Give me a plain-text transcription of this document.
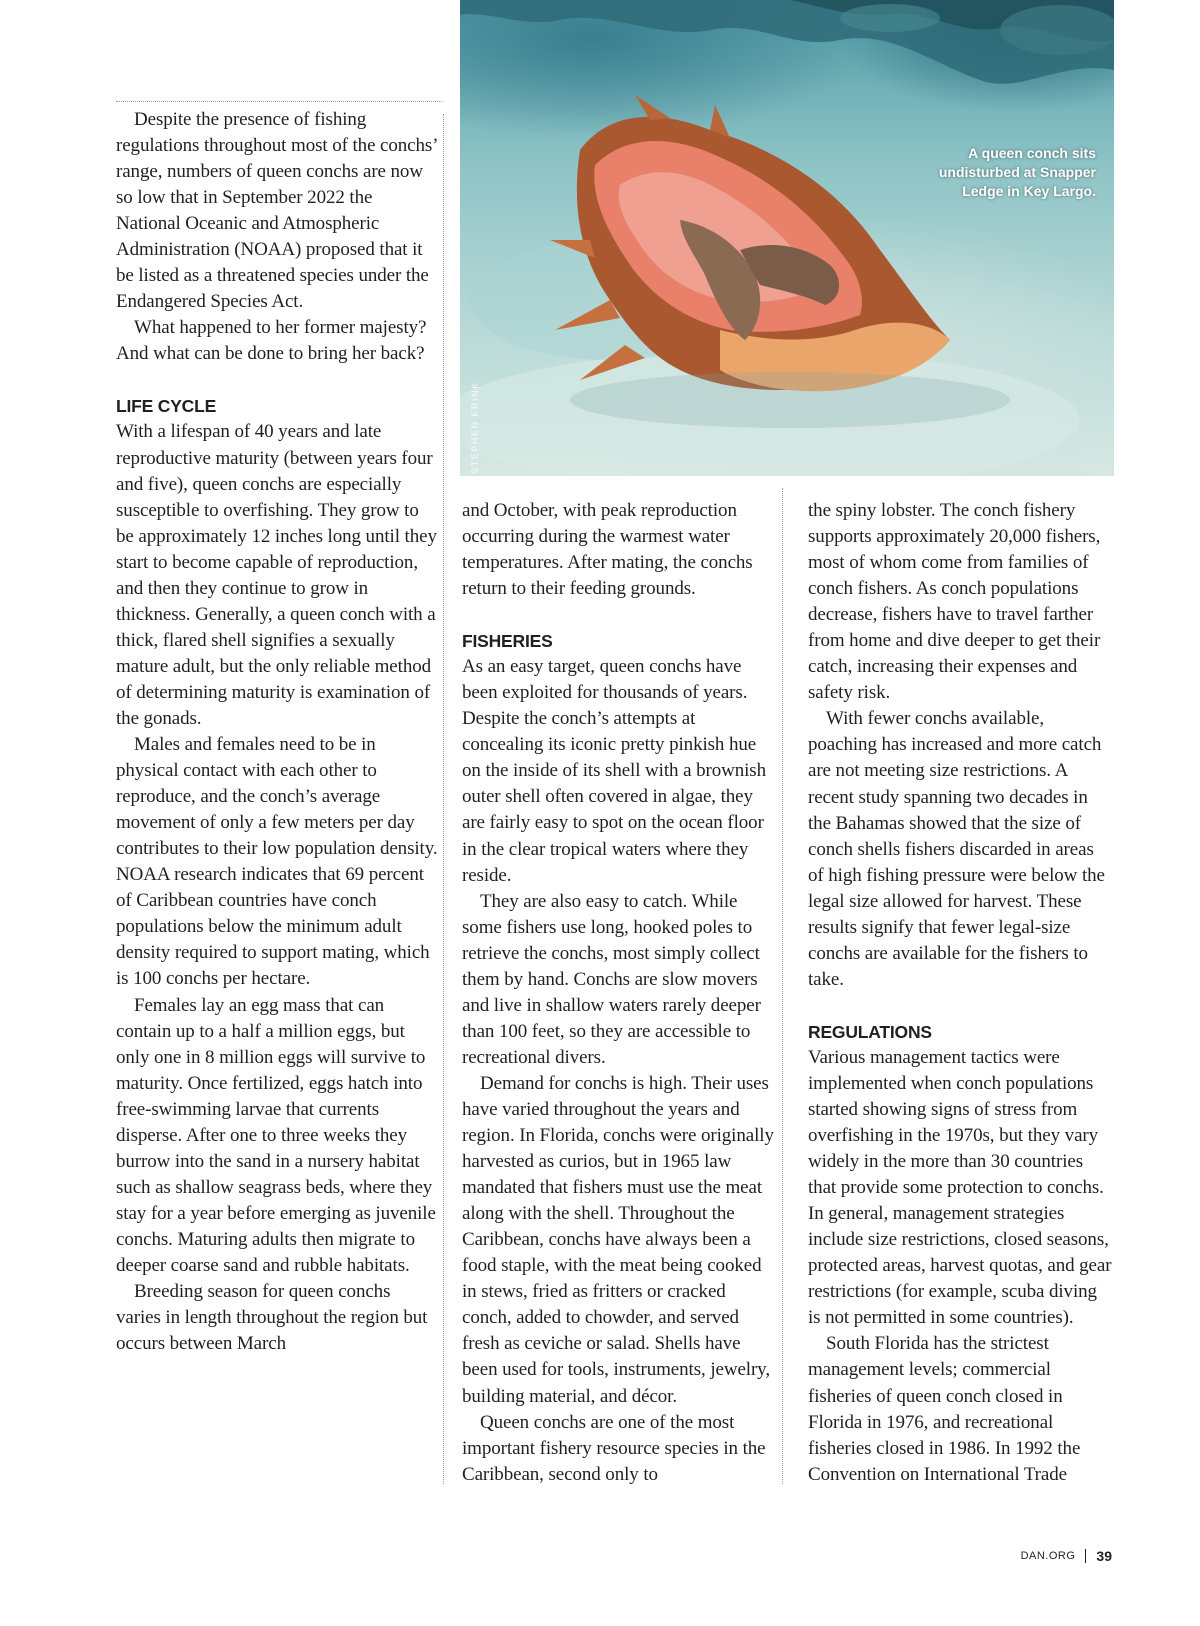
A queen conch sits undisturbed at Snapper Ledge in Key Largo.
STEPHEN FRINK

Despite the presence of fishing regulations throughout most of the conchs’ range, numbers of queen conchs are now so low that in September 2022 the National Oceanic and Atmospheric Administration (NOAA) proposed that it be listed as a threatened species under the Endangered Species Act.

What happened to her former majesty? And what can be done to bring her back?

LIFE CYCLE

With a lifespan of 40 years and late reproductive maturity (between years four and five), queen conchs are especially susceptible to overfishing. They grow to be approximately 12 inches long until they start to become capable of reproduction, and then they continue to grow in thickness. Generally, a queen conch with a thick, flared shell signifies a sexually mature adult, but the only reliable method of determining maturity is examination of the gonads.

Males and females need to be in physical contact with each other to reproduce, and the conch’s average movement of only a few meters per day contributes to their low population density. NOAA research indicates that 69 percent of Caribbean countries have conch populations below the minimum adult density required to support mating, which is 100 conchs per hectare.

Females lay an egg mass that can contain up to a half a million eggs, but only one in 8 million eggs will survive to maturity. Once fertilized, eggs hatch into free-swimming larvae that currents disperse. After one to three weeks they burrow into the sand in a nursery habitat such as shallow seagrass beds, where they stay for a year before emerging as juvenile conchs. Maturing adults then migrate to deeper coarse sand and rubble habitats.

Breeding season for queen conchs varies in length throughout the region but occurs between March

and October, with peak reproduction occurring during the warmest water temperatures. After mating, the conchs return to their feeding grounds.

FISHERIES

As an easy target, queen conchs have been exploited for thousands of years. Despite the conch’s attempts at concealing its iconic pretty pinkish hue on the inside of its shell with a brownish outer shell often covered in algae, they are fairly easy to spot on the ocean floor in the clear tropical waters where they reside.

They are also easy to catch. While some fishers use long, hooked poles to retrieve the conchs, most simply collect them by hand. Conchs are slow movers and live in shallow waters rarely deeper than 100 feet, so they are accessible to recreational divers.

Demand for conchs is high. Their uses have varied throughout the years and region. In Florida, conchs were originally harvested as curios, but in 1965 law mandated that fishers must use the meat along with the shell. Throughout the Caribbean, conchs have always been a food staple, with the meat being cooked in stews, fried as fritters or cracked conch, added to chowder, and served fresh as ceviche or salad. Shells have been used for tools, instruments, jewelry, building material, and décor.

Queen conchs are one of the most important fishery resource species in the Caribbean, second only to

the spiny lobster. The conch fishery supports approximately 20,000 fishers, most of whom come from families of conch fishers. As conch populations decrease, fishers have to travel farther from home and dive deeper to get their catch, increasing their expenses and safety risk.

With fewer conchs available, poaching has increased and more catch are not meeting size restrictions. A recent study spanning two decades in the Bahamas showed that the size of conch shells fishers discarded in areas of high fishing pressure were below the legal size allowed for harvest. These results signify that fewer legal-size conchs are available for the fishers to take.

REGULATIONS

Various management tactics were implemented when conch populations started showing signs of stress from overfishing in the 1970s, but they vary widely in the more than 30 countries that provide some protection to conchs. In general, management strategies include size restrictions, closed seasons, protected areas, harvest quotas, and gear restrictions (for example, scuba diving is not permitted in some countries).

South Florida has the strictest management levels; commercial fisheries of queen conch closed in Florida in 1976, and recreational fisheries closed in 1986. In 1992 the Convention on International Trade

DAN.ORG 39
